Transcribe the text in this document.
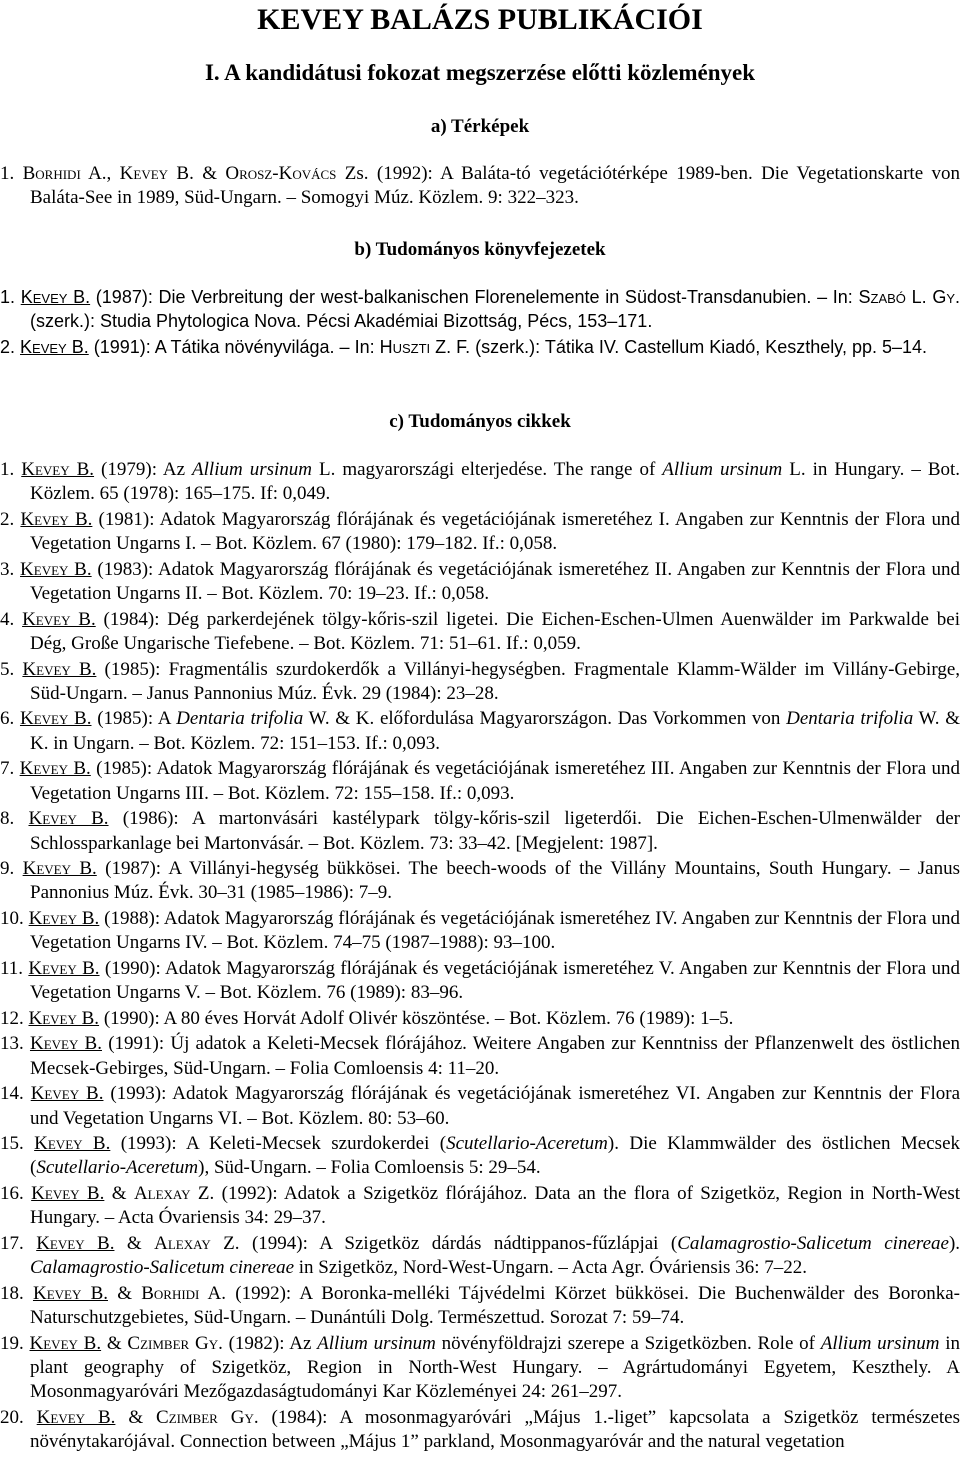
KEVEY BALÁZS PUBLIKÁCIÓI
I. A kandidátusi fokozat megszerzése előtti közlemények
a) Térképek

1. Borhidi A., Kevey B. & Orosz-Kovács Zs. (1992): A Baláta-tó vegetációtérképe 1989-ben. Die Vegetationskarte von Baláta-See in 1989, Süd-Ungarn. – Somogyi Múz. Közlem. 9: 322–323.

b) Tudományos könyvfejezetek

1. Kevey B. (1987): Die Verbreitung der west-balkanischen Florenelemente in Südost-Transdanubien. – In: Szabó L. Gy. (szerk.): Studia Phytologica Nova. Pécsi Akadémiai Bizottság, Pécs, 153–171.

2. Kevey B. (1991): A Tátika növényvilága. – In: Huszti Z. F. (szerk.): Tátika IV. Castellum Kiadó, Keszthely, pp. 5–14.

c) Tudományos cikkek

1. Kevey B. (1979): Az Allium ursinum L. magyarországi elterjedése. The range of Allium ursinum L. in Hungary. – Bot. Közlem. 65 (1978): 165–175. If: 0,049.

2. Kevey B. (1981): Adatok Magyarország flórájának és vegetációjának ismeretéhez I. Angaben zur Kenntnis der Flora und Vegetation Ungarns I. – Bot. Közlem. 67 (1980): 179–182. If.: 0,058.

3. Kevey B. (1983): Adatok Magyarország flórájának és vegetációjának ismeretéhez II. Angaben zur Kenntnis der Flora und Vegetation Ungarns II. – Bot. Közlem. 70: 19–23. If.: 0,058.

4. Kevey B. (1984): Dég parkerdejének tölgy-kőris-szil ligetei. Die Eichen-Eschen-Ulmen Auenwälder im Parkwalde bei Dég, Große Ungarische Tiefebene. – Bot. Közlem. 71: 51–61. If.: 0,059.

5. Kevey B. (1985): Fragmentális szurdokerdők a Villányi-hegységben. Fragmentale Klamm-Wälder im Villány-Gebirge, Süd-Ungarn. – Janus Pannonius Múz. Évk. 29 (1984): 23–28.

6. Kevey B. (1985): A Dentaria trifolia W. & K. előfordulása Magyarországon. Das Vorkommen von Dentaria trifolia W. & K. in Ungarn. – Bot. Közlem. 72: 151–153. If.: 0,093.

7. Kevey B. (1985): Adatok Magyarország flórájának és vegetációjának ismeretéhez III. Angaben zur Kenntnis der Flora und Vegetation Ungarns III. – Bot. Közlem. 72: 155–158. If.: 0,093.

8. Kevey B. (1986): A martonvásári kastélypark tölgy-kőris-szil ligeterdői. Die Eichen-Eschen-Ulmenwälder der Schlossparkanlage bei Martonvásár. – Bot. Közlem. 73: 33–42. [Megjelent: 1987].

9. Kevey B. (1987): A Villányi-hegység bükkösei. The beech-woods of the Villány Mountains, South Hungary. – Janus Pannonius Múz. Évk. 30–31 (1985–1986): 7–9.

10. Kevey B. (1988): Adatok Magyarország flórájának és vegetációjának ismeretéhez IV. Angaben zur Kenntnis der Flora und Vegetation Ungarns IV. – Bot. Közlem. 74–75 (1987–1988): 93–100.

11. Kevey B. (1990): Adatok Magyarország flórájának és vegetációjának ismeretéhez V. Angaben zur Kenntnis der Flora und Vegetation Ungarns V. – Bot. Közlem. 76 (1989): 83–96.

12. Kevey B. (1990): A 80 éves Horvát Adolf Olivér köszöntése. – Bot. Közlem. 76 (1989): 1–5.

13. Kevey B. (1991): Új adatok a Keleti-Mecsek flórájához. Weitere Angaben zur Kenntniss der Pflanzenwelt des östlichen Mecsek-Gebirges, Süd-Ungarn. – Folia Comloensis 4: 11–20.

14. Kevey B. (1993): Adatok Magyarország flórájának és vegetációjának ismeretéhez VI. Angaben zur Kenntnis der Flora und Vegetation Ungarns VI. – Bot. Közlem. 80: 53–60.

15. Kevey B. (1993): A Keleti-Mecsek szurdokerdei (Scutellario-Aceretum). Die Klammwälder des östlichen Mecsek (Scutellario-Aceretum), Süd-Ungarn. – Folia Comloensis 5: 29–54.

16. Kevey B. & Alexay Z. (1992): Adatok a Szigetköz flórájához. Data an the flora of Szigetköz, Region in North-West Hungary. – Acta Óvariensis 34: 29–37.

17. Kevey B. & Alexay Z. (1994): A Szigetköz dárdás nádtippanos-fűzlápjai (Calamagrostio-Salicetum cinereae). Calamagrostio-Salicetum cinereae in Szigetköz, Nord-West-Ungarn. – Acta Agr. Óváriensis 36: 7–22.

18. Kevey B. & Borhidi A. (1992): A Boronka-melléki Tájvédelmi Körzet bükkösei. Die Buchenwälder des Boronka-Naturschutzgebietes, Süd-Ungarn. – Dunántúli Dolg. Természettud. Sorozat 7: 59–74.

19. Kevey B. & Czimber Gy. (1982): Az Allium ursinum növényföldrajzi szerepe a Szigetközben. Role of Allium ursinum in plant geography of Szigetköz, Region in North-West Hungary. – Agrártudományi Egyetem, Keszthely. A Mosonmagyaróvári Mezőgazdaságtudományi Kar Közleményei 24: 261–297.

20. Kevey B. & Czimber Gy. (1984): A mosonmagyaróvári „Május 1.-liget” kapcsolata a Szigetköz természetes növénytakarójával. Connection between „Május 1” parkland, Mosonmagyaróvár and the natural vegetation
